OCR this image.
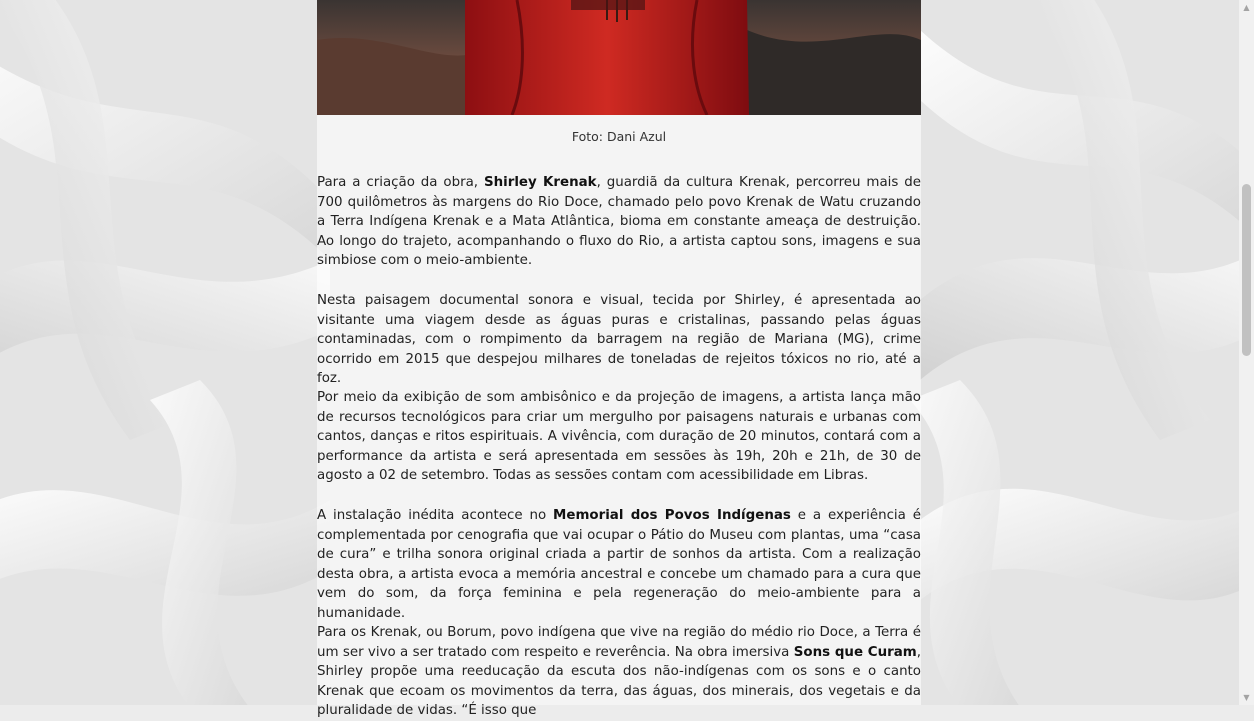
Foto: Dani Azul

Para a criação da obra, Shirley Krenak, guardiã da cultura Krenak, percorreu mais de 700 quilômetros às margens do Rio Doce, chamado pelo povo Krenak de Watu cruzando a Terra Indígena Krenak e a Mata Atlântica, bioma em constante ameaça de destruição. Ao longo do trajeto, acompanhando o fluxo do Rio, a artista captou sons, imagens e sua simbiose com o meio-ambiente.

Nesta paisagem documental sonora e visual, tecida por Shirley, é apresentada ao visitante uma viagem desde as águas puras e cristalinas, passando pelas águas contaminadas, com o rompimento da barragem na região de Mariana (MG), crime ocorrido em 2015 que despejou milhares de toneladas de rejeitos tóxicos no rio, até a foz.

Por meio da exibição de som ambisônico e da projeção de imagens, a artista lança mão de recursos tecnológicos para criar um mergulho por paisagens naturais e urbanas com cantos, danças e ritos espirituais. A vivência, com duração de 20 minutos, contará com a performance da artista e será apresentada em sessões às 19h, 20h e 21h, de 30 de agosto a 02 de setembro. Todas as sessões contam com acessibilidade em Libras.

A instalação inédita acontece no Memorial dos Povos Indígenas e a experiência é complementada por cenografia que vai ocupar o Pátio do Museu com plantas, uma “casa de cura” e trilha sonora original criada a partir de sonhos da artista. Com a realização desta obra, a artista evoca a memória ancestral e concebe um chamado para a cura que vem do som, da força feminina e pela regeneração do meio-ambiente para a humanidade.

Para os Krenak, ou Borum, povo indígena que vive na região do médio rio Doce, a Terra é um ser vivo a ser tratado com respeito e reverência. Na obra imersiva Sons que Curam, Shirley propõe uma reeducação da escuta dos não-indígenas com os sons e o canto Krenak que ecoam os movimentos da terra, das águas, dos minerais, dos vegetais e da pluralidade de vidas. “É isso que

▲
▼
